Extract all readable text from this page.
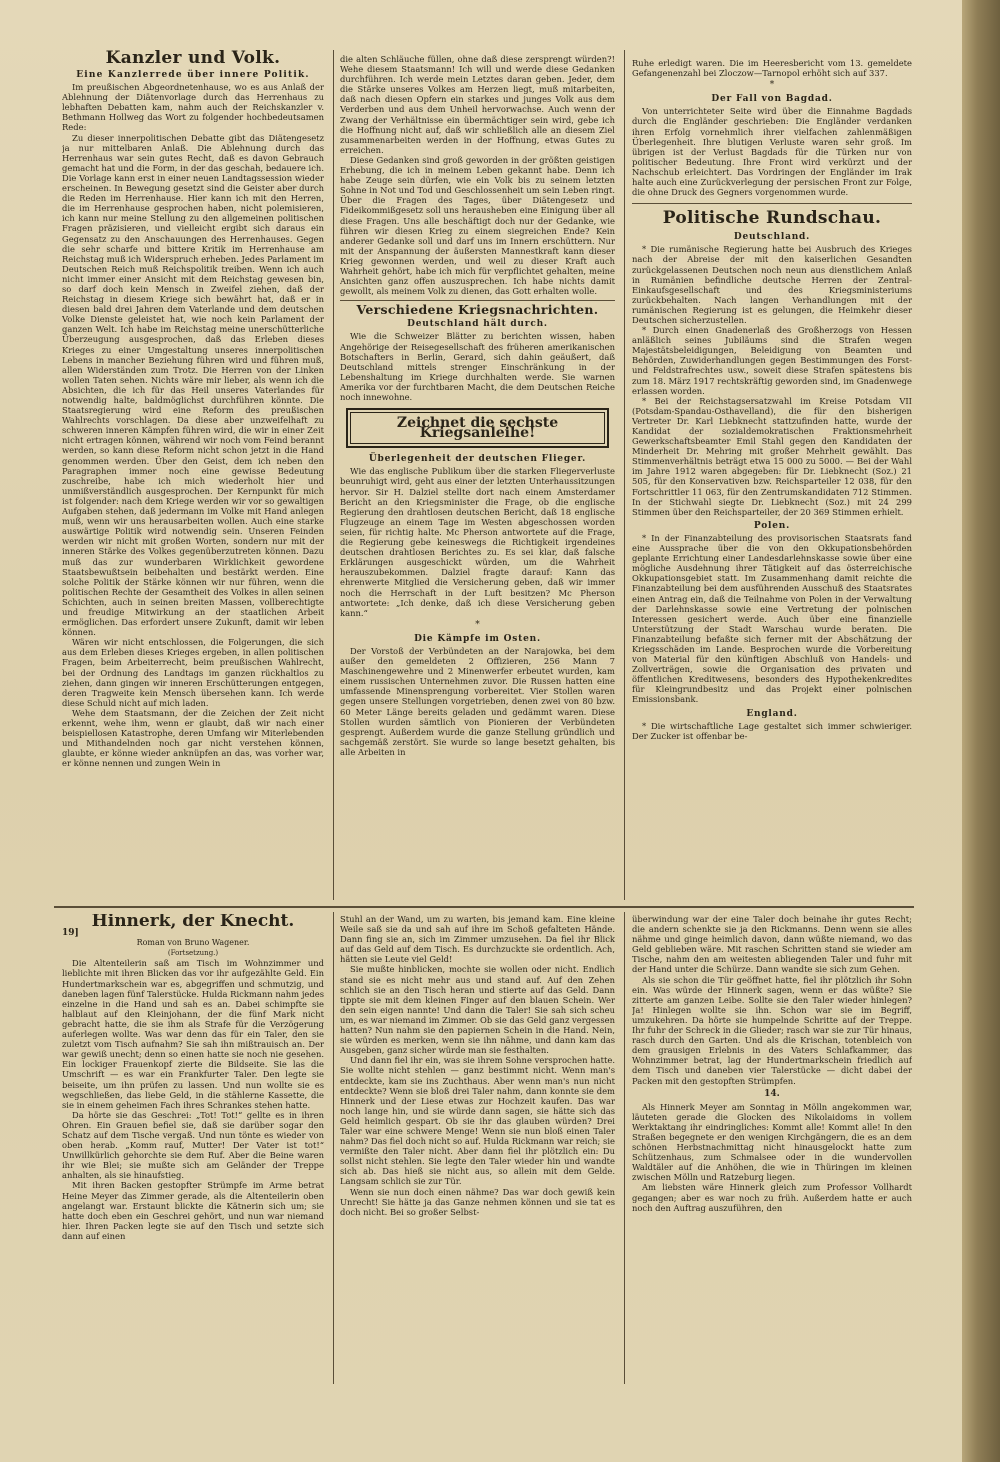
Kanzler und Volk.
Eine Kanzlerrede über innere Politik.

Im preußischen Abgeordnetenhause, wo es aus Anlaß der Ablehnung der Diätenvorlage durch das Herrenhaus zu lebhaften Debatten kam, nahm auch der Reichskanzler v. Bethmann Hollweg das Wort zu folgender hochbedeutsamen Rede:

Zu dieser innerpolitischen Debatte gibt das Diätengesetz ja nur mittelbaren Anlaß. Die Ablehnung durch das Herrenhaus war sein gutes Recht, daß es davon Gebrauch gemacht hat und die Form, in der das geschah, bedauere ich. Die Vorlage kann erst in einer neuen Landtagssession wieder erscheinen. In Bewegung gesetzt sind die Geister aber durch die Reden im Herrenhause. Hier kann ich mit den Herren, die im Herrenhause gesprochen haben, nicht polemisieren, ich kann nur meine Stellung zu den allgemeinen politischen Fragen präzisieren, und vielleicht ergibt sich daraus ein Gegensatz zu den Anschauungen des Herrenhauses. Gegen die sehr scharfe und bittere Kritik im Herrenhause am Reichstag muß ich Widerspruch erheben. Jedes Parlament im Deutschen Reich muß Reichspolitik treiben. Wenn ich auch nicht immer einer Ansicht mit dem Reichstag gewesen bin, so darf doch kein Mensch in Zweifel ziehen, daß der Reichstag in diesem Kriege sich bewährt hat, daß er in diesen bald drei Jahren dem Vaterlande und dem deutschen Volke Dienste geleistet hat, wie noch kein Parlament der ganzen Welt. Ich habe im Reichstag meine unerschütterliche Überzeugung ausgesprochen, daß das Erleben dieses Krieges zu einer Umgestaltung unseres innerpolitischen Lebens in mancher Beziehung führen wird und führen muß, allen Widerständen zum Trotz. Die Herren von der Linken wollen Taten sehen. Nichts wäre mir lieber, als wenn ich die Absichten, die ich für das Heil unseres Vaterlandes für notwendig halte, baldmöglichst durchführen könnte. Die Staatsregierung wird eine Reform des preußischen Wahlrechts vorschlagen. Da diese aber unzweifelhaft zu schweren inneren Kämpfen führen wird, die wir in einer Zeit nicht ertragen können, während wir noch vom Feind berannt werden, so kann diese Reform nicht schon jetzt in die Hand genommen werden. Über den Geist, dem ich neben den Paragraphen immer noch eine gewisse Bedeutung zuschreibe, habe ich mich wiederholt hier und unmißverständlich ausgesprochen. Der Kernpunkt für mich ist folgender: nach dem Kriege werden wir vor so gewaltigen Aufgaben stehen, daß jedermann im Volke mit Hand anlegen muß, wenn wir uns herausarbeiten wollen. Auch eine starke auswärtige Politik wird notwendig sein. Unseren Feinden werden wir nicht mit großen Worten, sondern nur mit der inneren Stärke des Volkes gegenüberzutreten können. Dazu muß das zur wunderbaren Wirklichkeit gewordene Staatsbewußtsein beibehalten und bestärkt werden. Eine solche Politik der Stärke können wir nur führen, wenn die politischen Rechte der Gesamtheit des Volkes in allen seinen Schichten, auch in seinen breiten Massen, vollberechtigte und freudige Mitwirkung an der staatlichen Arbeit ermöglichen. Das erfordert unsere Zukunft, damit wir leben können.

Wären wir nicht entschlossen, die Folgerungen, die sich aus dem Erleben dieses Krieges ergeben, in allen politischen Fragen, beim Arbeiterrecht, beim preußischen Wahlrecht, bei der Ordnung des Landtags im ganzen rückhaltlos zu ziehen, dann gingen wir inneren Erschütterungen entgegen, deren Tragweite kein Mensch übersehen kann. Ich werde diese Schuld nicht auf mich laden.

Wehe dem Staatsmann, der die Zeichen der Zeit nicht erkennt, wehe ihm, wenn er glaubt, daß wir nach einer beispiellosen Katastrophe, deren Umfang wir Miterlebenden und Mithandelnden noch gar nicht verstehen können, glaubte, er könne wieder anknüpfen an das, was vorher war, er könne nennen und zungen Wein in

die alten Schläuche füllen, ohne daß diese zersprengt würden?! Wehe diesem Staatsmann! Ich will und werde diese Gedanken durchführen. Ich werde mein Letztes daran geben. Jeder, dem die Stärke unseres Volkes am Herzen liegt, muß mitarbeiten, daß nach diesen Opfern ein starkes und junges Volk aus dem Verderben und aus dem Unheil hervorwachse. Auch wenn der Zwang der Verhältnisse ein übermächtiger sein wird, gebe ich die Hoffnung nicht auf, daß wir schließlich alle an diesem Ziel zusammenarbeiten werden in der Hoffnung, etwas Gutes zu erreichen.

Diese Gedanken sind groß geworden in der größten geistigen Erhebung, die ich in meinem Leben gekannt habe. Denn ich habe Zeuge sein dürfen, wie ein Volk bis zu seinem letzten Sohne in Not und Tod und Geschlossenheit um sein Leben ringt. Über die Fragen des Tages, über Diätengesetz und Fideikommißgesetz soll uns herausheben eine Einigung über all diese Fragen. Uns alle beschäftigt doch nur der Gedanke, wie führen wir diesen Krieg zu einem siegreichen Ende? Kein anderer Gedanke soll und darf uns im Innern erschüttern. Nur mit der Anspannung der äußersten Mannestkraft kann dieser Krieg gewonnen werden, und weil zu dieser Kraft auch Wahrheit gehört, habe ich mich für verpflichtet gehalten, meine Ansichten ganz offen auszusprechen. Ich habe nichts damit gewollt, als meinem Volk zu dienen, das Gott erhalten wolle.

Verschiedene Kriegsnachrichten.
Deutschland hält durch.

Wie die Schweizer Blätter zu berichten wissen, haben Angehörige der Reisegesellschaft des früheren amerikanischen Botschafters in Berlin, Gerard, sich dahin geäußert, daß Deutschland mittels strenger Einschränkung in der Lebenshaltung im Kriege durchhalten werde. Sie warnen Amerika vor der furchtbaren Macht, die dem Deutschen Reiche noch innewohne.

Zeichnet die sechste Kriegsanleihe!
Überlegenheit der deutschen Flieger.

Wie das englische Publikum über die starken Fliegerverluste beunruhigt wird, geht aus einer der letzten Unterhaussitzungen hervor. Sir H. Dalziel stellte dort nach einem Amsterdamer Bericht an den Kriegsminister die Frage, ob die englische Regierung den drahtlosen deutschen Bericht, daß 18 englische Flugzeuge an einem Tage im Westen abgeschossen worden seien, für richtig halte. Mc Pherson antwortete auf die Frage, die Regierung gebe keineswegs die Richtigkeit irgendeines deutschen drahtlosen Berichtes zu. Es sei klar, daß falsche Erklärungen ausgeschickt würden, um die Wahrheit herauszubekommen. Dalziel fragte darauf: Kann das ehrenwerte Mitglied die Versicherung geben, daß wir immer noch die Herrschaft in der Luft besitzen? Mc Pherson antwortete: „Ich denke, daß ich diese Versicherung geben kann.“

*
Die Kämpfe im Osten.

Der Vorstoß der Verbündeten an der Narajowka, bei dem außer den gemeldeten 2 Offizieren, 256 Mann 7 Maschinengewehre und 2 Minenwerfer erbeutet wurden, kam einem russischen Unternehmen zuvor. Die Russen hatten eine umfassende Minensprengung vorbereitet. Vier Stollen waren gegen unsere Stellungen vorgetrieben, denen zwei von 80 bzw. 60 Meter Länge bereits geladen und gedämmt waren. Diese Stollen wurden sämtlich von Pionieren der Verbündeten gesprengt. Außerdem wurde die ganze Stellung gründlich und sachgemäß zerstört. Sie wurde so lange besetzt gehalten, bis alle Arbeiten in

Ruhe erledigt waren. Die im Heeresbericht vom 13. gemeldete Gefangenenzahl bei Zloczow—Tarnopol erhöht sich auf 337.

*
Der Fall von Bagdad.

Von unterrichteter Seite wird über die Einnahme Bagdads durch die Engländer geschrieben: Die Engländer verdanken ihren Erfolg vornehmlich ihrer vielfachen zahlenmäßigen Überlegenheit. Ihre blutigen Verluste waren sehr groß. Im übrigen ist der Verlust Bagdads für die Türken nur von politischer Bedeutung. Ihre Front wird verkürzt und der Nachschub erleichtert. Das Vordringen der Engländer im Irak halte auch eine Zurückverlegung der persischen Front zur Folge, die ohne Druck des Gegners vorgenommen wurde.

Politische Rundschau.
Deutschland.

* Die rumänische Regierung hatte bei Ausbruch des Krieges nach der Abreise der mit den kaiserlichen Gesandten zurückgelassenen Deutschen noch neun aus dienstlichem Anlaß in Rumänien befindliche deutsche Herren der Zentral-Einkaufsgesellschaft und des Kriegsministeriums zurückbehalten. Nach langen Verhandlungen mit der rumänischen Regierung ist es gelungen, die Heimkehr dieser Deutschen sicherzustellen.

* Durch einen Gnadenerlaß des Großherzogs von Hessen anläßlich seines Jubiläums sind die Strafen wegen Majestätsbeleidigungen, Beleidigung von Beamten und Behörden, Zuwiderhandlungen gegen Bestimmungen des Forst- und Feldstrafrechtes usw., soweit diese Strafen spätestens bis zum 18. März 1917 rechtskräftig geworden sind, im Gnadenwege erlassen worden.

* Bei der Reichstagsersatzwahl im Kreise Potsdam VII (Potsdam-Spandau-Osthavelland), die für den bisherigen Vertreter Dr. Karl Liebknecht stattzufinden hatte, wurde der Kandidat der sozialdemokratischen Fraktionsmehrheit Gewerkschaftsbeamter Emil Stahl gegen den Kandidaten der Minderheit Dr. Mehring mit großer Mehrheit gewählt. Das Stimmenverhältnis beträgt etwa 15 000 zu 5000. — Bei der Wahl im Jahre 1912 waren abgegeben: für Dr. Liebknecht (Soz.) 21 505, für den Konservativen bzw. Reichsparteiler 12 038, für den Fortschrittler 11 063, für den Zentrumskandidaten 712 Stimmen. In der Stichwahl siegte Dr. Liebknecht (Soz.) mit 24 299 Stimmen über den Reichsparteiler, der 20 369 Stimmen erhielt.

Polen.

* In der Finanzabteilung des provisorischen Staatsrats fand eine Aussprache über die von den Okkupationsbehörden geplante Errichtung einer Landesdarlehnskasse sowie über eine mögliche Ausdehnung ihrer Tätigkeit auf das österreichische Okkupationsgebiet statt. Im Zusammenhang damit reichte die Finanzabteilung bei dem ausführenden Ausschuß des Staatsrates einen Antrag ein, daß die Teilnahme von Polen in der Verwaltung der Darlehnskasse sowie eine Vertretung der polnischen Interessen gesichert werde. Auch über eine finanzielle Unterstützung der Stadt Warschau wurde beraten. Die Finanzabteilung befaßte sich ferner mit der Abschätzung der Kriegsschäden im Lande. Besprochen wurde die Vorbereitung von Material für den künftigen Abschluß von Handels- und Zollverträgen, sowie die Organisation des privaten und öffentlichen Kreditwesens, besonders des Hypothekenkredites für Kleingrundbesitz und das Projekt einer polnischen Emissionsbank.

England.

* Die wirtschaftliche Lage gestaltet sich immer schwieriger. Der Zucker ist offenbar be-

Hinnerk, der Knecht.
19]
Roman von Bruno Wagener.
(Fortsetzung.)

Die Altenteilerin saß am Tisch im Wohnzimmer und lieblichte mit ihren Blicken das vor ihr aufgezählte Geld. Ein Hundertmarkschein war es, abgegriffen und schmutzig, und daneben lagen fünf Talerstücke. Hulda Rickmann nahm jedes einzelne in die Hand und sah es an. Dabei schimpfte sie halblaut auf den Kleinjohann, der die fünf Mark nicht gebracht hatte, die sie ihm als Strafe für die Verzögerung auferlegen wollte. Was war denn das für ein Taler, den sie zuletzt vom Tisch aufnahm? Sie sah ihn mißtrauisch an. Der war gewiß unecht; denn so einen hatte sie noch nie gesehen. Ein lockiger Frauenkopf zierte die Bildseite. Sie las die Umschrift — es war ein Frankfurter Taler. Den legte sie beiseite, um ihn prüfen zu lassen. Und nun wollte sie es wegschließen, das liebe Geld, in die stählerne Kassette, die sie in einem geheimen Fach ihres Schrankes stehen hatte.

Da hörte sie das Geschrei: „Tot! Tot!“ gellte es in ihren Ohren. Ein Grauen befiel sie, daß sie darüber sogar den Schatz auf dem Tische vergaß. Und nun tönte es wieder von oben herab. „Komm rauf, Mutter! Der Vater ist tot!“ Unwillkürlich gehorchte sie dem Ruf. Aber die Beine waren ihr wie Blei; sie mußte sich am Geländer der Treppe anhalten, als sie hinaufstieg.

Mit ihren Backen gestopfter Strümpfe im Arme betrat Heine Meyer das Zimmer gerade, als die Altenteilerin oben angelangt war. Erstaunt blickte die Kätnerin sich um; sie hatte doch eben ein Geschrei gehört, und nun war niemand hier. Ihren Packen legte sie auf den Tisch und setzte sich dann auf einen

Stuhl an der Wand, um zu warten, bis jemand kam. Eine kleine Weile saß sie da und sah auf ihre im Schoß gefalteten Hände. Dann fing sie an, sich im Zimmer umzusehen. Da fiel ihr Blick auf das Geld auf dem Tisch. Es durchzuckte sie ordentlich. Ach, hätten sie Leute viel Geld!

Sie mußte hinblicken, mochte sie wollen oder nicht. Endlich stand sie es nicht mehr aus und stand auf. Auf den Zehen schlich sie an den Tisch heran und stierte auf das Geld. Dann tippte sie mit dem kleinen Finger auf den blauen Schein. Wer den sein eigen nannte! Und dann die Taler! Sie sah sich scheu um, es war niemand im Zimmer. Ob sie das Geld ganz vergessen hatten? Nun nahm sie den papiernen Schein in die Hand. Nein, sie würden es merken, wenn sie ihn nähme, und dann kam das Ausgeben, ganz sicher würde man sie festhalten.

Und dann fiel ihr ein, was sie ihrem Sohne versprochen hatte. Sie wollte nicht stehlen — ganz bestimmt nicht. Wenn man's entdeckte, kam sie ins Zuchthaus. Aber wenn man's nun nicht entdeckte? Wenn sie bloß drei Taler nahm, dann konnte sie dem Hinnerk und der Liese etwas zur Hochzeit kaufen. Das war noch lange hin, und sie würde dann sagen, sie hätte sich das Geld heimlich gespart. Ob sie ihr das glauben würden? Drei Taler war eine schwere Menge! Wenn sie nun bloß einen Taler nahm? Das fiel doch nicht so auf. Hulda Rickmann war reich; sie vermißte den Taler nicht. Aber dann fiel ihr plötzlich ein: Du sollst nicht stehlen. Sie legte den Taler wieder hin und wandte sich ab. Das hieß sie nicht aus, so allein mit dem Gelde. Langsam schlich sie zur Tür.

Wenn sie nun doch einen nähme? Das war doch gewiß kein Unrecht! Sie hätte ja das Ganze nehmen können und sie tat es doch nicht. Bei so großer Selbst-

überwindung war der eine Taler doch beinahe ihr gutes Recht; die andern schenkte sie ja den Rickmanns. Denn wenn sie alles nähme und ginge heimlich davon, dann wüßte niemand, wo das Geld geblieben wäre. Mit raschen Schritten stand sie wieder am Tische, nahm den am weitesten abliegenden Taler und fuhr mit der Hand unter die Schürze. Dann wandte sie sich zum Gehen.

Als sie schon die Tür geöffnet hatte, fiel ihr plötzlich ihr Sohn ein. Was würde der Hinnerk sagen, wenn er das wüßte? Sie zitterte am ganzen Leibe. Sollte sie den Taler wieder hinlegen? Ja! Hinlegen wollte sie ihn. Schon war sie im Begriff, umzukehren. Da hörte sie humpelnde Schritte auf der Treppe. Ihr fuhr der Schreck in die Glieder; rasch war sie zur Tür hinaus, rasch durch den Garten. Und als die Krischan, totenbleich von dem grausigen Erlebnis in des Vaters Schlafkammer, das Wohnzimmer betrat, lag der Hundertmarkschein friedlich auf dem Tisch und daneben vier Talerstücke — dicht dabei der Packen mit den gestopften Strümpfen.

14.

Als Hinnerk Meyer am Sonntag in Mölln angekommen war, läuteten gerade die Glocken des Nikolaidoms in vollem Werktaktang ihr eindringliches: Kommt alle! Kommt alle! In den Straßen begegnete er den wenigen Kirchgängern, die es an dem schönen Herbstnachmittag nicht hinausgelockt hatte zum Schützenhaus, zum Schmalsee oder in die wundervollen Waldtäler auf die Anhöhen, die wie in Thüringen im kleinen zwischen Mölln und Ratzeburg liegen.

Am liebsten wäre Hinnerk gleich zum Professor Vollhardt gegangen; aber es war noch zu früh. Außerdem hatte er auch noch den Auftrag auszuführen, den
